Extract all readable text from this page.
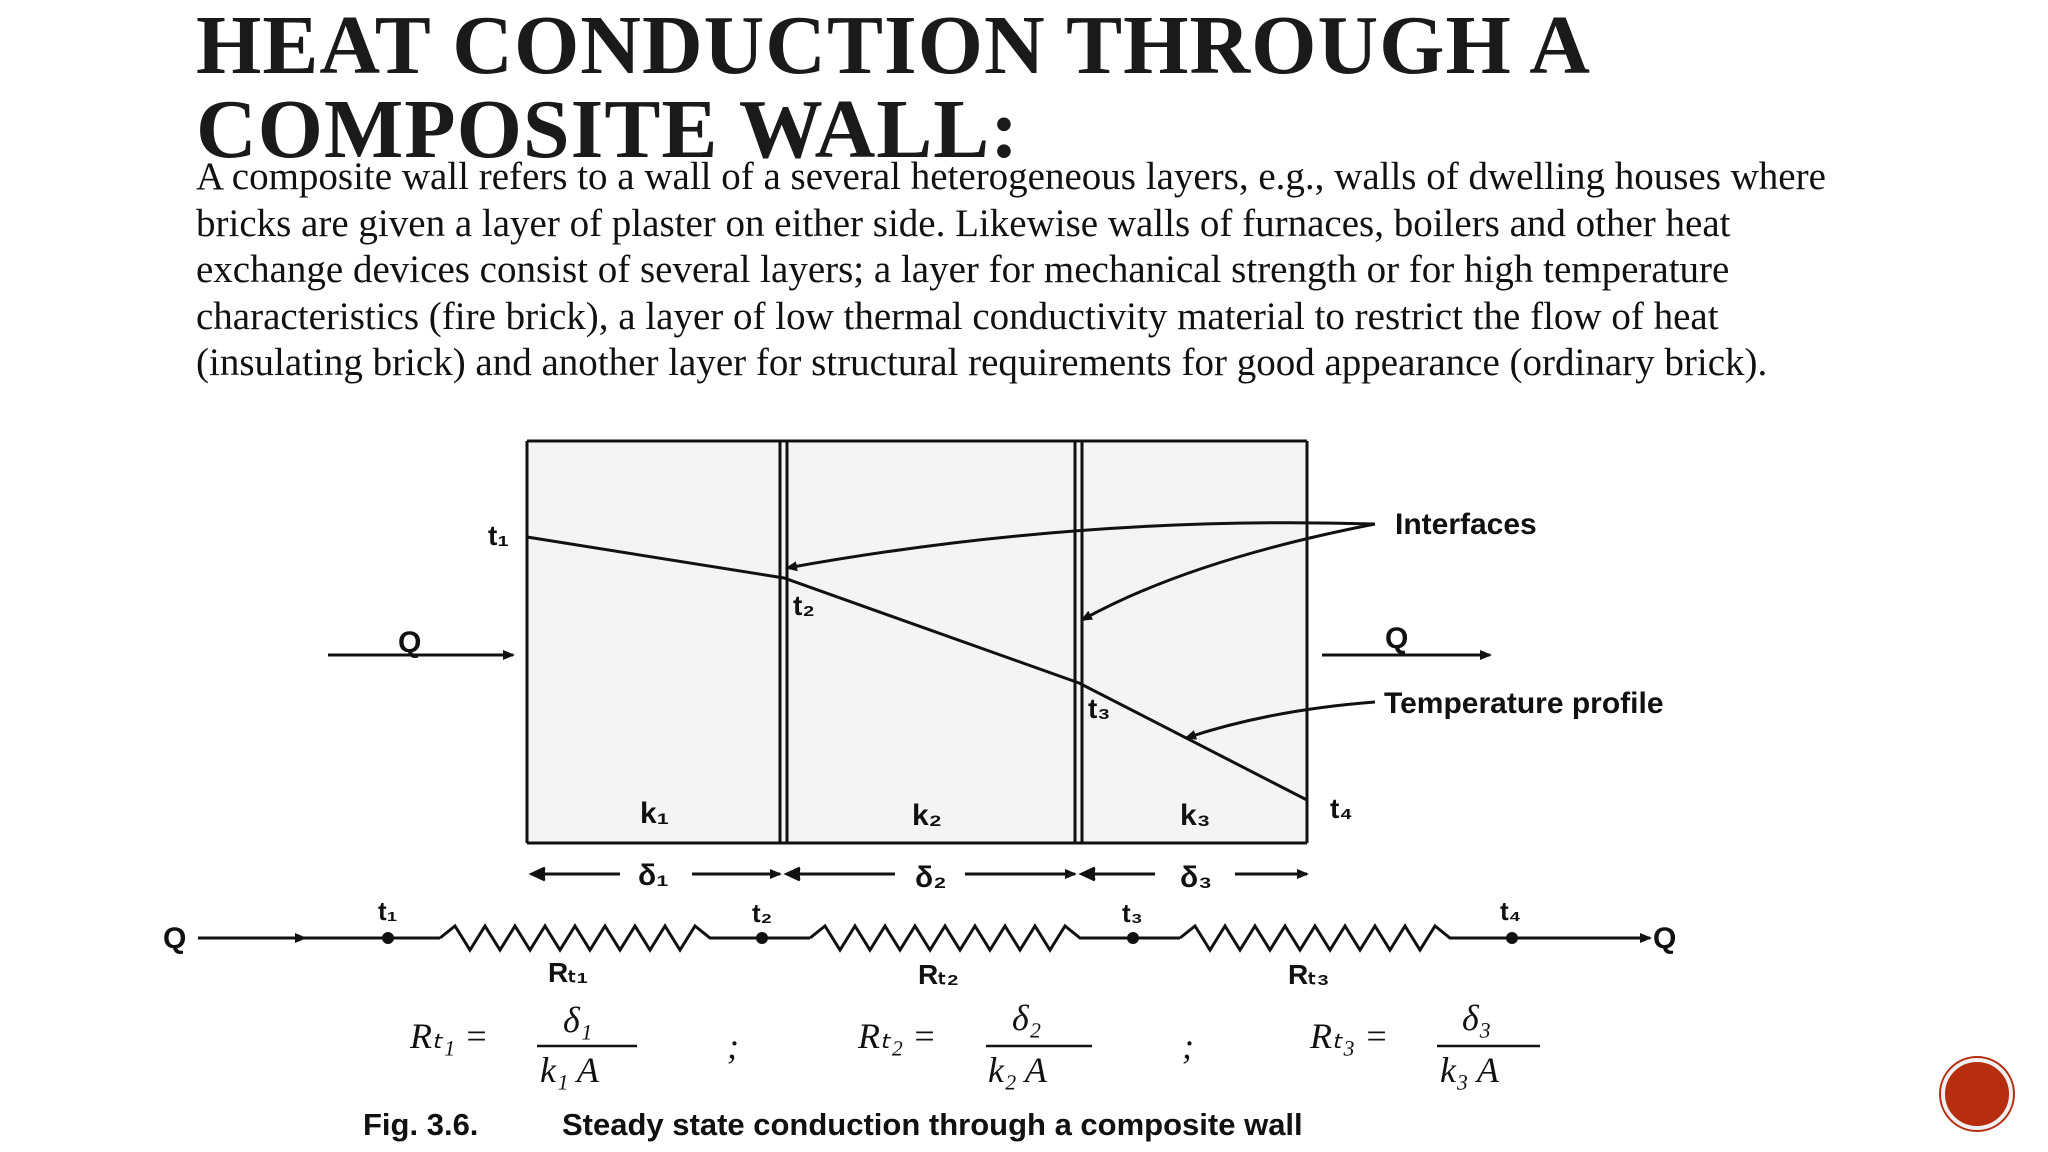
HEAT CONDUCTION THROUGH A COMPOSITE WALL:

A composite wall refers to a wall of a several heterogeneous layers, e.g., walls of dwelling houses where bricks are given a layer of plaster on either side. Likewise walls of furnaces, boilers and other heat exchange devices consist of several layers; a layer for mechanical strength or for high temperature characteristics (fire brick), a layer of low thermal conductivity material to restrict the flow of heat (insulating brick) and another layer for structural requirements for good appearance (ordinary brick).

Interfaces
Temperature profile
Q	Q
t₁
t₂
t₃
t₄
k₁	k₂	k₃
δ₁	δ₂	δ₃
Q	Q
t₁	t₂	t₃	t₄
Rₜ₁	Rₜ₂	Rₜ₃
Fig. 3.6.	Steady state conduction through a composite wall
Rₜ₁ = δ₁
k₁ A
;	Rₜ₂ = δ₂
k₂ A
;	Rₜ₃ = δ₃
k₃ A
